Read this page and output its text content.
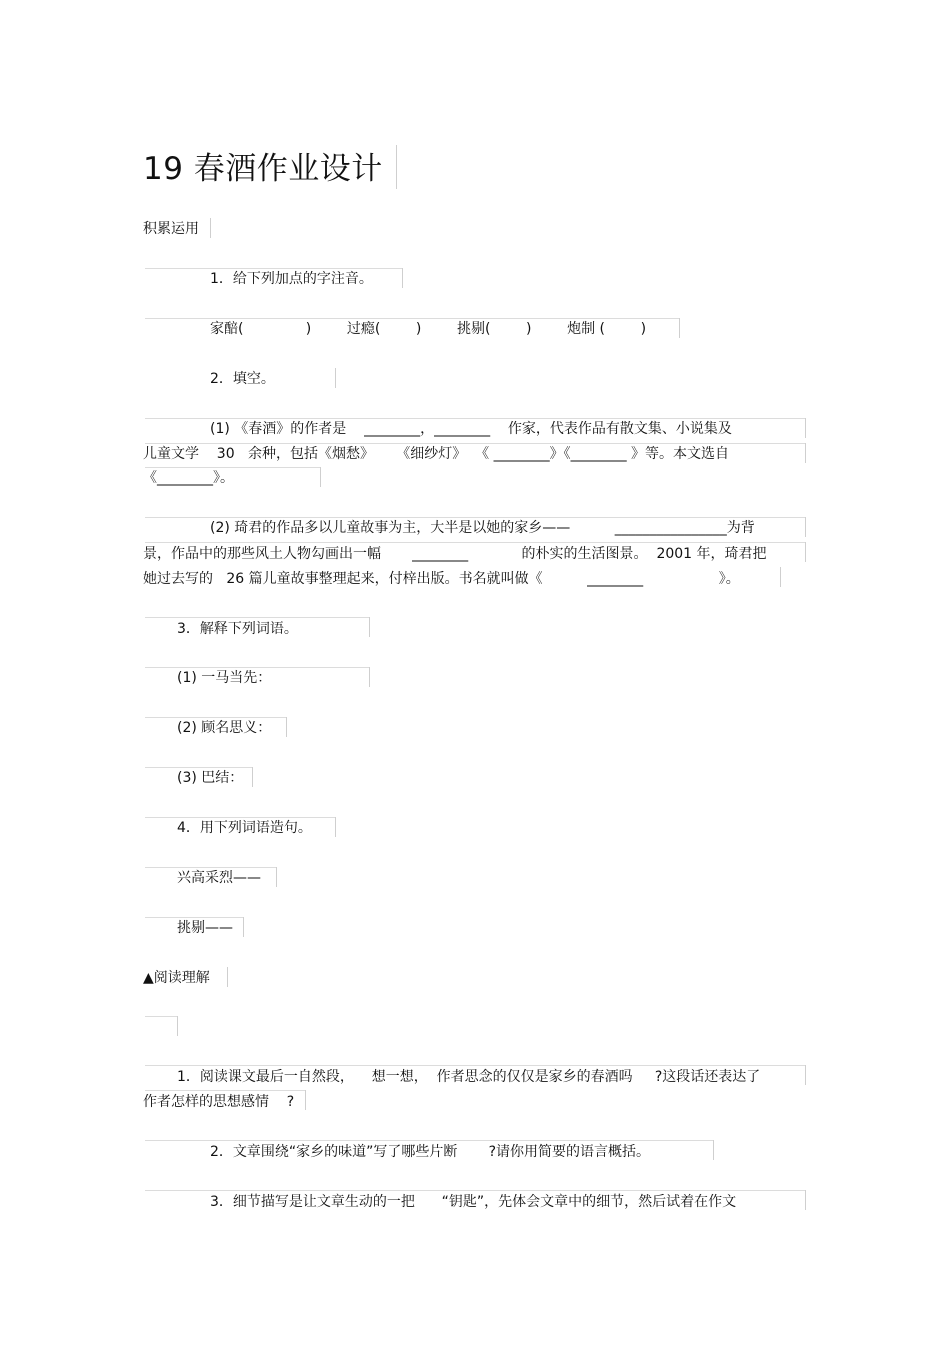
19 春酒作业设计
积累运用
1．给下列加点的字注音。
家醅(              )        过瘾(        )        挑剔(        )        炮制 (        )
2．填空。
(1) 《春酒》的作者是    ________，________    作家，代表作品有散文集、小说集及
儿童文学    30   余种，包括《烟愁》     《细纱灯》  《 ________》《________ 》等。本文选自
《________》。
(2) 琦君的作品多以儿童故事为主，大半是以她的家乡——          ________________为背
景，作品中的那些风土人物勾画出一幅       ________            的朴实的生活图景。  2001 年，琦君把
她过去写的   26 篇儿童故事整理起来，付梓出版。书名就叫做《          ________                 》。
3．解释下列词语。
(1) 一马当先：
(2) 顾名思义：
(3) 巴结：
4．用下列词语造句。
兴高采烈——
挑剔——
▲阅读理解
1．阅读课文最后一自然段，    想一想，  作者思念的仅仅是家乡的春酒吗     ?这段话还表达了
作者怎样的思想感情    ?
2．文章围绕“家乡的味道”写了哪些片断       ?请你用简要的语言概括。
3．细节描写是让文章生动的一把      “钥匙”，先体会文章中的细节，然后试着在作文
